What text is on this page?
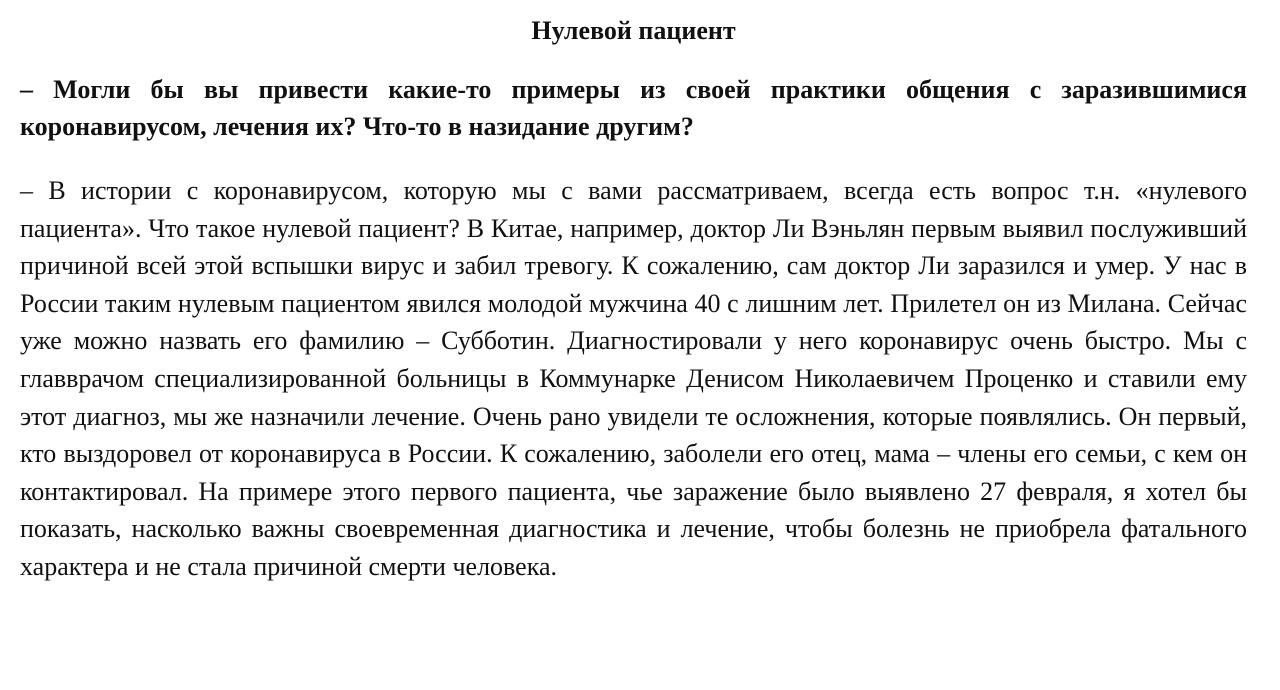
Нулевой пациент

– Могли бы вы привести какие-то примеры из своей практики общения с заразившимися коронавирусом, лечения их? Что-то в назидание другим?

– В истории с коронавирусом, которую мы с вами рассматриваем, всегда есть вопрос т.н. «нулевого пациента». Что такое нулевой пациент? В Китае, например, доктор Ли Вэньлян первым выявил послуживший причиной всей этой вспышки вирус и забил тревогу. К сожалению, сам доктор Ли заразился и умер. У нас в России таким нулевым пациентом явился молодой мужчина 40 с лишним лет. Прилетел он из Милана. Сейчас уже можно назвать его фамилию – Субботин. Диагностировали у него коронавирус очень быстро. Мы с главврачом специализированной больницы в Коммунарке Денисом Николаевичем Проценко и ставили ему этот диагноз, мы же назначили лечение. Очень рано увидели те осложнения, которые появлялись. Он первый, кто выздоровел от коронавируса в России. К сожалению, заболели его отец, мама – члены его семьи, с кем он контактировал. На примере этого первого пациента, чье заражение было выявлено 27 февраля, я хотел бы показать, насколько важны своевременная диагностика и лечение, чтобы болезнь не приобрела фатального характера и не стала причиной смерти человека.
